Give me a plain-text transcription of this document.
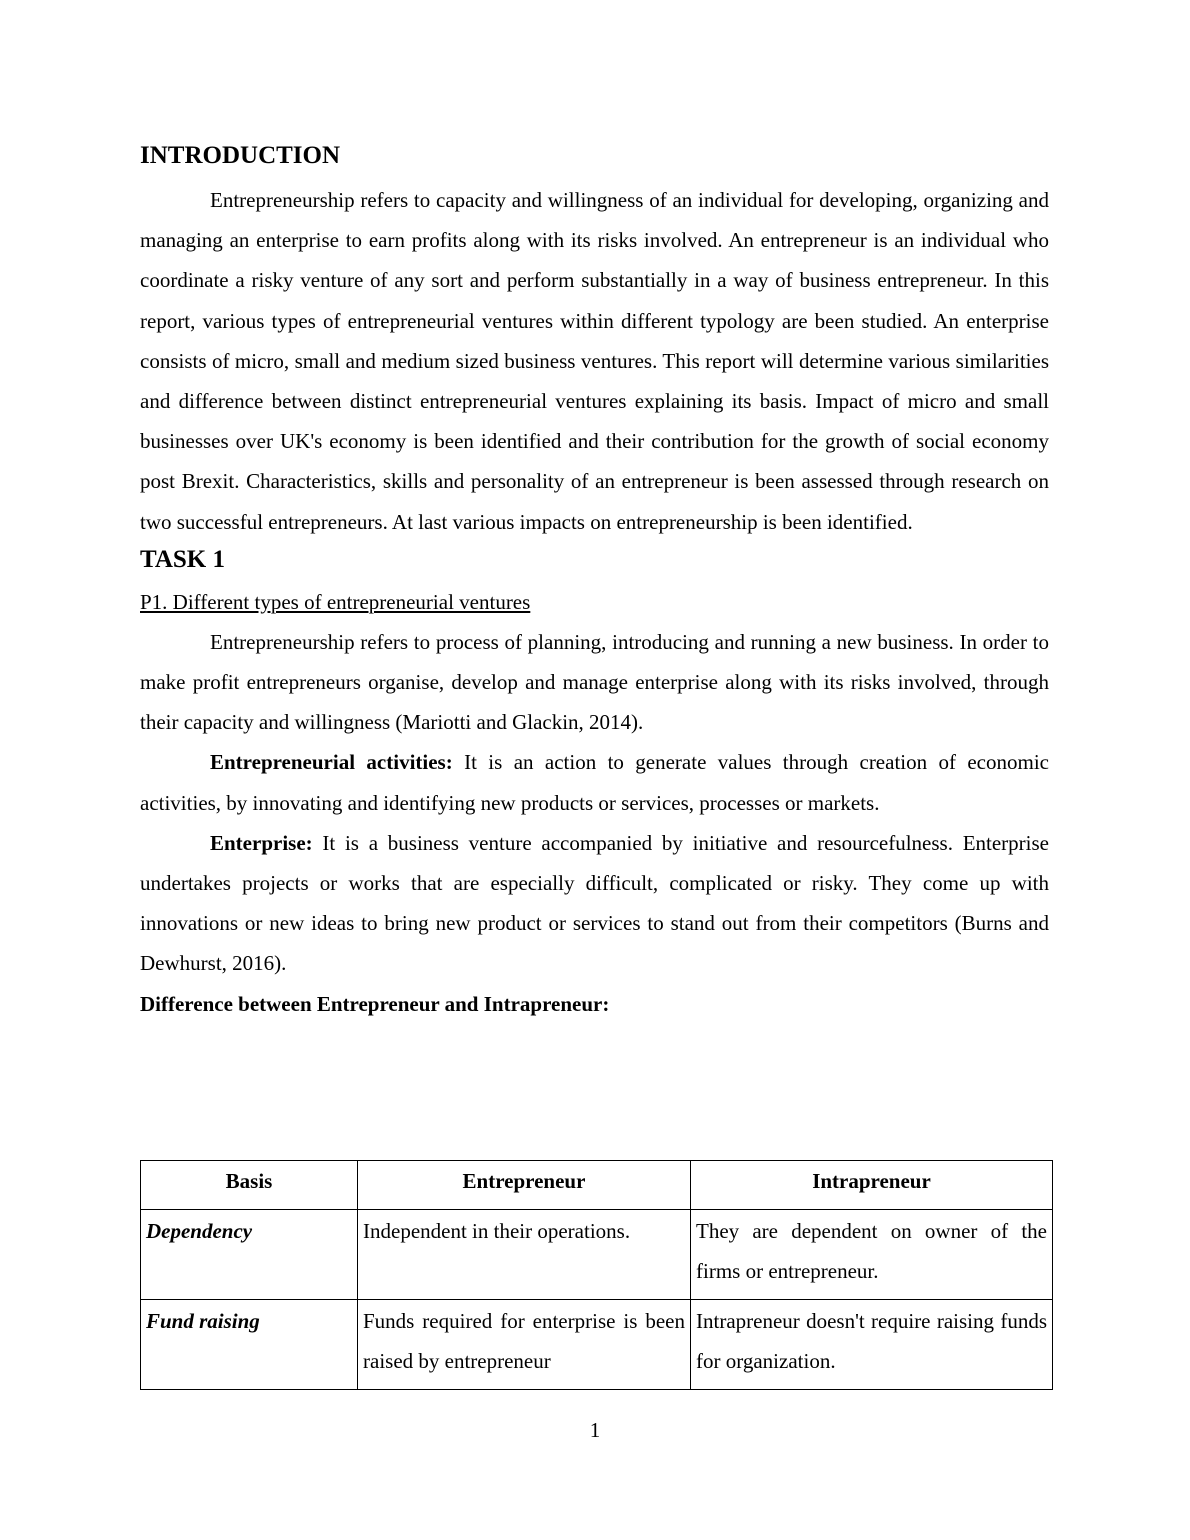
INTRODUCTION

Entrepreneurship refers to capacity and willingness of an individual for developing, organizing and managing an enterprise to earn profits along with its risks involved. An entrepreneur is an individual who coordinate a risky venture of any sort and perform substantially in a way of business entrepreneur. In this report, various types of entrepreneurial ventures within different typology are been studied. An enterprise consists of micro, small and medium sized business ventures. This report will determine various similarities and difference between distinct entrepreneurial ventures explaining its basis. Impact of micro and small businesses over UK's economy is been identified and their contribution for the growth of social economy post Brexit. Characteristics, skills and personality of an entrepreneur is been assessed through research on two successful entrepreneurs. At last various impacts on entrepreneurship is been identified.

TASK 1

P1. Different types of entrepreneurial ventures

Entrepreneurship refers to process of planning, introducing and running a new business. In order to make profit entrepreneurs organise, develop and manage enterprise along with its risks involved, through their capacity and willingness (Mariotti and Glackin, 2014).

Entrepreneurial activities: It is an action to generate values through creation of economic activities, by innovating and identifying new products or services, processes or markets.

Enterprise: It is a business venture accompanied by initiative and resourcefulness. Enterprise undertakes projects or works that are especially difficult, complicated or risky. They come up with innovations or new ideas to bring new product or services to stand out from their competitors (Burns and Dewhurst, 2016).

Difference between Entrepreneur and Intrapreneur:

Basis	Entrepreneur	Intrapreneur
Dependency	Independent in their operations.	They are dependent on owner of the firms or entrepreneur.
Fund raising	Funds required for enterprise is been raised by entrepreneur	Intrapreneur doesn't require raising funds for organization.
1
